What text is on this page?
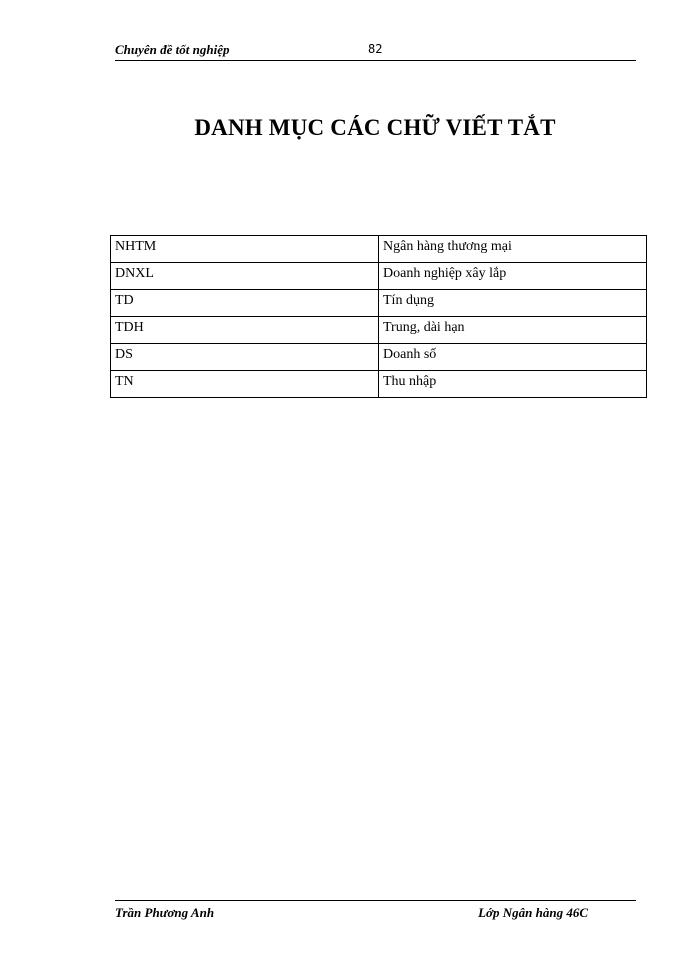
Chuyên đề tốt nghiệp	82
DANH MỤC CÁC CHỮ VIẾT TẮT
NHTM	Ngân hàng thương mại
DNXL	Doanh nghiệp xây lắp
TD	Tín dụng
TDH	Trung, dài hạn
DS	Doanh số
TN	Thu nhập
Trần Phương Anh	Lớp Ngân hàng 46C
